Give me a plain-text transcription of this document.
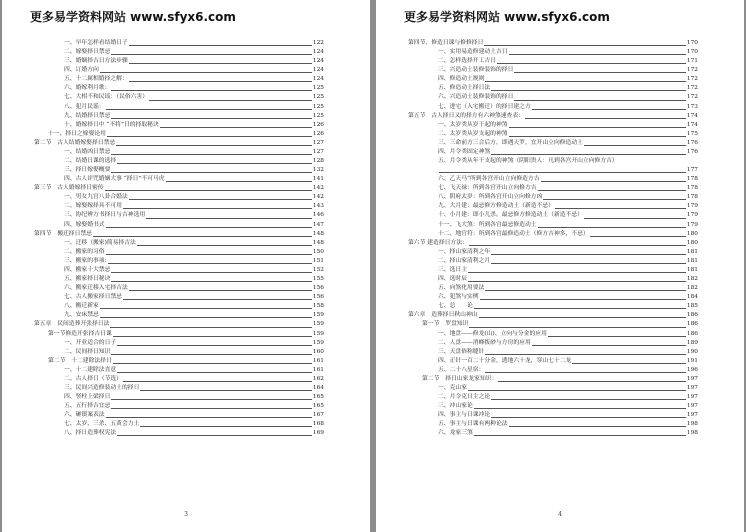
更多易学资料网站 www.sfyx6.com
一、早年怎样看结婚日子	122
二、嫁娶择日禁忌	124
三、婚姻择吉日方法步骤	124
四、订婚方向	124
五、十二属相婚择之解：	124
六、婚嫁利月歌：	125
七、大相不和民谣：（民俗六害）	125
八、犯月民谣：	125
九、结婚择日禁忌	125
十、婚嫁择日中 “不将”日的择取秘诀	126
十一、择日之嫁娶论用	126
第二节　古人结婚嫁娶择日禁忌	127
一、结婚凶日禁忌	127
二、结婚日课的选择	128
三、择日嫁娶概要	132
四、古人评咒婚姻大事 “择日”不可马虎	141
第三节　古人婚嫁择日密传	142
一、男女九宫八卦合婚法	142
二、嫁娶嫁择具不可用	143
三、协纪辨方书择日与吉神选用	146
四、嫁娶婚书式	147
第四节　搬迁择日禁忌	148
一、迁移（搬家)简易择吉法	148
二、搬家的习俗	150
三、搬家的事项:	151
四、搬家十大禁忌	152
五、搬家择日秘诀	155
六、搬家迁移入宅择吉法	156
七、古人搬家择日禁忌	156
八、搬迁新家	158
九、安床禁忌	159
第五章　民间造葬开张择日法	159
第一节修造开张择吉日课	159
一、开业适合的日子	159
二、民间择日知识	160
第二节　十二建除法择日	161
一、十二建除法直意	161
二、古人择日（节选）	162
三、民间兴造修装动土的择日	164
四、竖柱上梁择日	165
五、五行择吉宜忌	165
六、砸镇案表法	167
七、太岁、三杀、五黄会力士	168
八、择日造葬权宪法	169
3
更多易学资料网站 www.sfyx6.com
第四节、修造日课与修修择日	170
一、实用易造修建动土吉日	170
二、怎样选择开工吉日	171
三、兴造动土装修装饰的择日	172
四、修造动土规则	172
五、修造动土择日法	172
六、兴造动土装修装饰的择日	172
七、进宅（入宅搬迁）的择日建之方	173
第五节　古人择日又的择方有六神煞速查表：	174
一、太岁类从岁干起的神煞	174
二、太岁类从岁支起的神煞	175
三、三命前方三合后方，即遇天罗，宜开山立向修造动土	176
四、月令类固定神煞	176
五、月令类从年干支起的神煞（阴阳贵人：凡到各宫开山立向修方吉）
177
六、乙天马“所到各宫开山立向修造方吉	178
七、飞天禄：所到各宫开山立向修方吉	178
八、阴府太岁：所到各宫开山立向修方凶	178
九、大月建：最忌修方修造动土（新造不忌）	179
十、小月建：即小儿杀。最忌修方修造动土（新造不忌）	179
十一、飞大煞：所到各宫最忌修造动土	179
十二、地官符：所到各宫最修造动土（修方吉神多，不忌）	180
第六节 建造择日方法：	180
一、择山家清利之年	181
二、择山家清利之月	181
三、选日主	181
四、选时辰	182
五、向煞化用要法	182
六、犯煞与实例	184
七、总　　论	185
第六章　造葬择日秋山神山	186
第一节　罗盘知识	186
一、地盘——修龙(山)、立向与分金的应用	186
二、人盘——消峰拨砂与方房的应用	189
三、天盘俗称缝针	190
四、正针一百二十分金，透地六十龙，穿山七十二龙	191
五、二十八星宿：	196
第二节　择日山家龙家知识：	197
一、克山家	197
二、月令克日主之论	197
三、冲山家论	197
四、事主与日课冲论	197
五、事主与日课有两种论法	198
六、龙家三煞	198
4
